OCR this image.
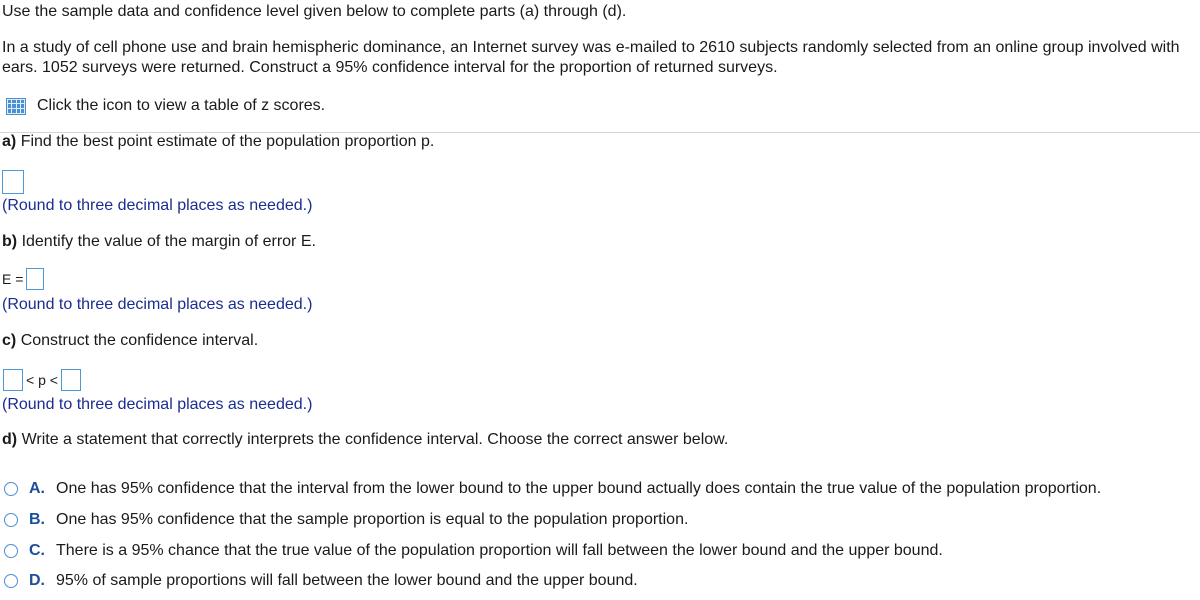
Use the sample data and confidence level given below to complete parts (a) through (d).
In a study of cell phone use and brain hemispheric dominance, an Internet survey was e-mailed to 2610 subjects randomly selected from an online group involved with ears. 1052 surveys were returned. Construct a 95% confidence interval for the proportion of returned surveys.
Click the icon to view a table of z scores.
a) Find the best point estimate of the population proportion p.
(Round to three decimal places as needed.)
b) Identify the value of the margin of error E.
E =
(Round to three decimal places as needed.)
c) Construct the confidence interval.
< p <
(Round to three decimal places as needed.)
d) Write a statement that correctly interprets the confidence interval. Choose the correct answer below.
A. One has 95% confidence that the interval from the lower bound to the upper bound actually does contain the true value of the population proportion.
B. One has 95% confidence that the sample proportion is equal to the population proportion.
C. There is a 95% chance that the true value of the population proportion will fall between the lower bound and the upper bound.
D. 95% of sample proportions will fall between the lower bound and the upper bound.
